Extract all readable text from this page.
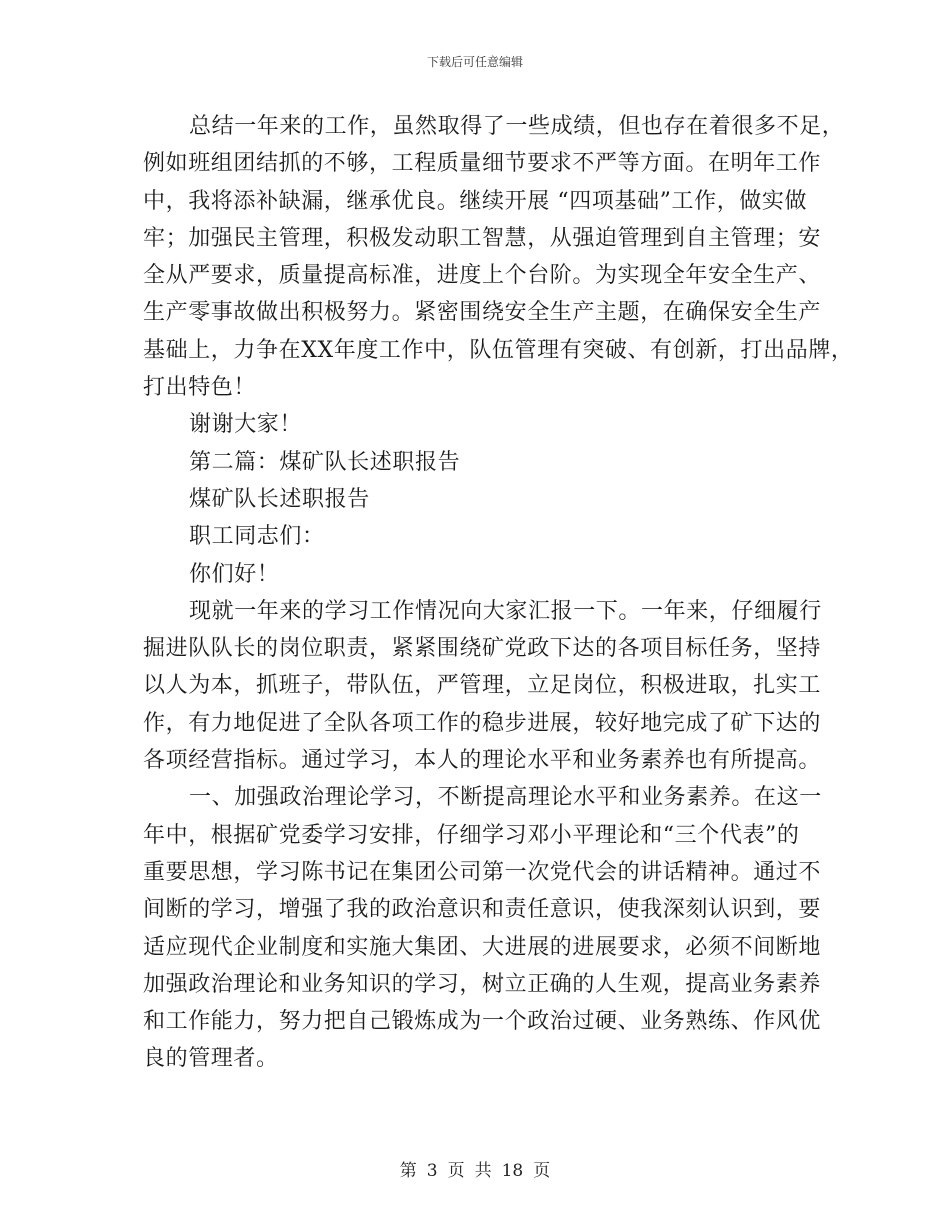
下载后可任意编辑
总结一年来的工作，虽然取得了一些成绩，但也存在着很多不足，
例如班组团结抓的不够，工程质量细节要求不严等方面。在明年工作
中，我将添补缺漏，继承优良。继续开展 “四项基础”工作，做实做
牢；加强民主管理，积极发动职工智慧，从强迫管理到自主管理；安
全从严要求，质量提高标准，进度上个台阶。为实现全年安全生产、
生产零事故做出积极努力。紧密围绕安全生产主题，在确保安全生产
基础上，力争在XX年度工作中，队伍管理有突破、有创新，打出品牌，
打出特色！
谢谢大家！
第二篇：煤矿队长述职报告
煤矿队长述职报告
职工同志们：
你们好！
现就一年来的学习工作情况向大家汇报一下。一年来，仔细履行
掘进队队长的岗位职责，紧紧围绕矿党政下达的各项目标任务，坚持
以人为本，抓班子，带队伍，严管理，立足岗位，积极进取，扎实工
作，有力地促进了全队各项工作的稳步进展，较好地完成了矿下达的
各项经营指标。通过学习，本人的理论水平和业务素养也有所提高。
一、加强政治理论学习，不断提高理论水平和业务素养。在这一
年中，根据矿党委学习安排，仔细学习邓小平理论和“三个代表”的
重要思想，学习陈书记在集团公司第一次党代会的讲话精神。通过不
间断的学习，增强了我的政治意识和责任意识，使我深刻认识到，要
适应现代企业制度和实施大集团、大进展的进展要求，必须不间断地
加强政治理论和业务知识的学习，树立正确的人生观，提高业务素养
和工作能力，努力把自己锻炼成为一个政治过硬、业务熟练、作风优
良的管理者。
第 3 页 共 18 页
